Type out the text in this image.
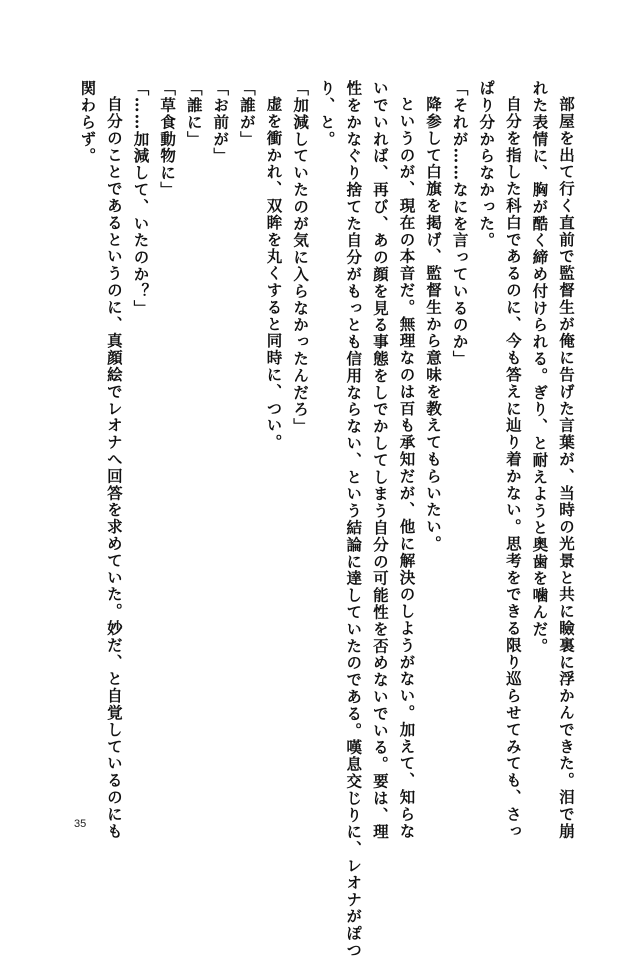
部屋を出て行く直前で監督生が俺に告げた言葉が、当時の光景と共に瞼裏に浮かんできた。泪で崩
れた表情に、胸が酷く締め付けられる。ぎり、と耐えようと奥歯を噛んだ。
自分を指した科白であるのに、今も答えに辿り着かない。思考をできる限り巡らせてみても、さっ
ぱり分からなかった。
「それが……なにを言っているのか」
降参して白旗を掲げ、監督生から意味を教えてもらいたい。
というのが、現在の本音だ。無理なのは百も承知だが、他に解決のしようがない。加えて、知らな
いでいれば、再び、あの顔を見る事態をしでかしてしまう自分の可能性を否めないでいる。要は、理
性をかなぐり捨てた自分がもっとも信用ならない、という結論に達していたのである。嘆息交じりに、レオナがぽつ
り、と。
「加減していたのが気に入らなかったんだろ」
虚を衝かれ、双眸を丸くすると同時に、つい。
「誰が」
「お前が」
「誰に」
「草食動物に」
「……加減して、いたのか？」
自分のことであるというのに、真顔絵でレオナへ回答を求めていた。妙だ、と自覚しているのにも
関わらず。
35
